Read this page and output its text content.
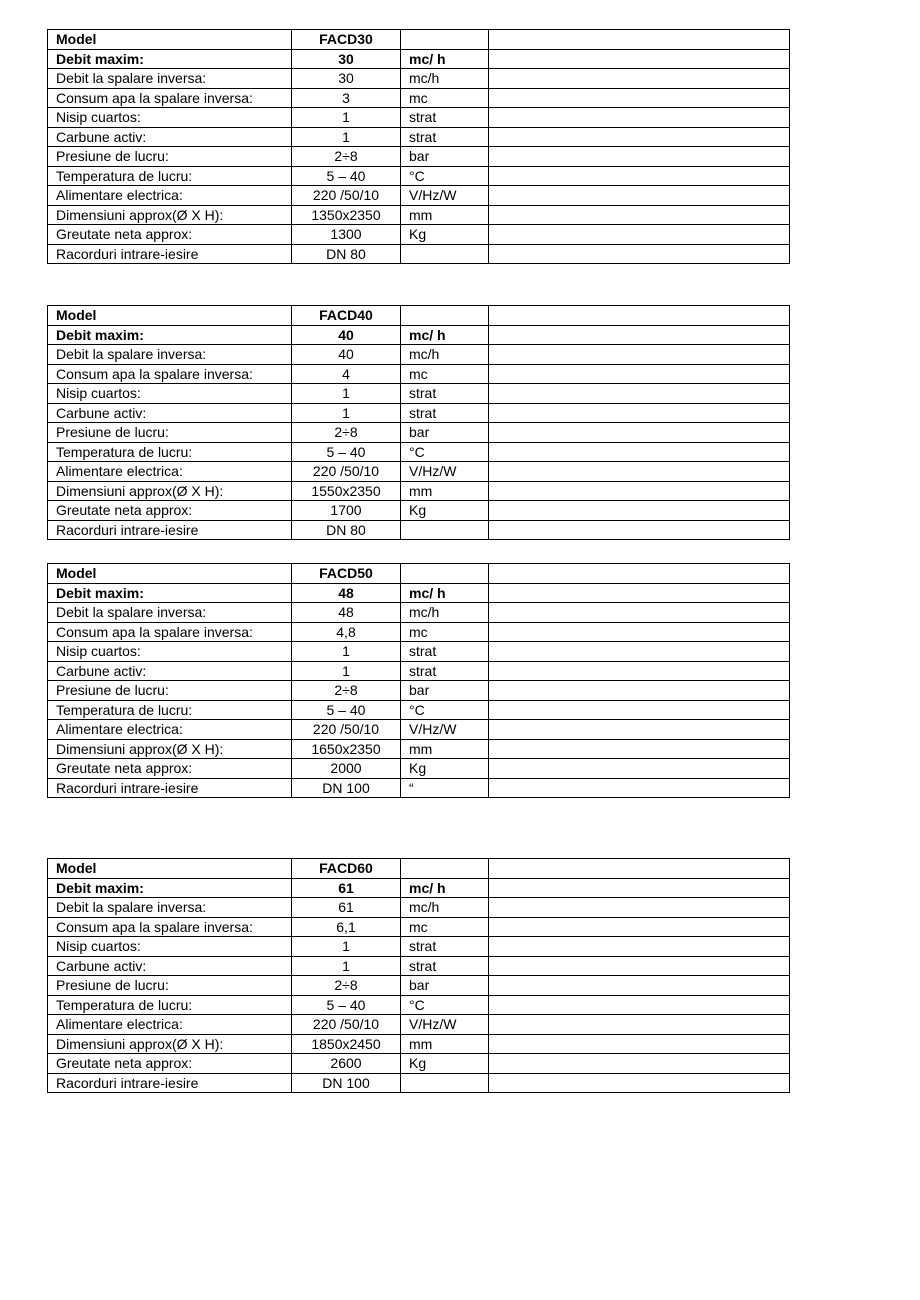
Model	FACD30		
Debit maxim:	30	mc/ h	
Debit la spalare inversa:	30	mc/h	
Consum apa la spalare inversa:	3	mc	
Nisip cuartos:	1	strat	
Carbune activ:	1	strat	
Presiune de lucru:	2÷8	bar	
Temperatura de lucru:	5 – 40	°C	
Alimentare electrica:	220 /50/10	V/Hz/W	
Dimensiuni approx(Ø X H):	1350x2350	mm	
Greutate neta approx:	1300	Kg	
Racorduri intrare-iesire	DN 80		
Model	FACD40		
Debit maxim:	40	mc/ h	
Debit la spalare inversa:	40	mc/h	
Consum apa la spalare inversa:	4	mc	
Nisip cuartos:	1	strat	
Carbune activ:	1	strat	
Presiune de lucru:	2÷8	bar	
Temperatura de lucru:	5 – 40	°C	
Alimentare electrica:	220 /50/10	V/Hz/W	
Dimensiuni approx(Ø X H):	1550x2350	mm	
Greutate neta approx:	1700	Kg	
Racorduri intrare-iesire	DN 80		
Model	FACD50		
Debit maxim:	48	mc/ h	
Debit la spalare inversa:	48	mc/h	
Consum apa la spalare inversa:	4,8	mc	
Nisip cuartos:	1	strat	
Carbune activ:	1	strat	
Presiune de lucru:	2÷8	bar	
Temperatura de lucru:	5 – 40	°C	
Alimentare electrica:	220 /50/10	V/Hz/W	
Dimensiuni approx(Ø X H):	1650x2350	mm	
Greutate neta approx:	2000	Kg	
Racorduri intrare-iesire	DN 100	“	
Model	FACD60		
Debit maxim:	61	mc/ h	
Debit la spalare inversa:	61	mc/h	
Consum apa la spalare inversa:	6,1	mc	
Nisip cuartos:	1	strat	
Carbune activ:	1	strat	
Presiune de lucru:	2÷8	bar	
Temperatura de lucru:	5 – 40	°C	
Alimentare electrica:	220 /50/10	V/Hz/W	
Dimensiuni approx(Ø X H):	1850x2450	mm	
Greutate neta approx:	2600	Kg	
Racorduri intrare-iesire	DN 100		
